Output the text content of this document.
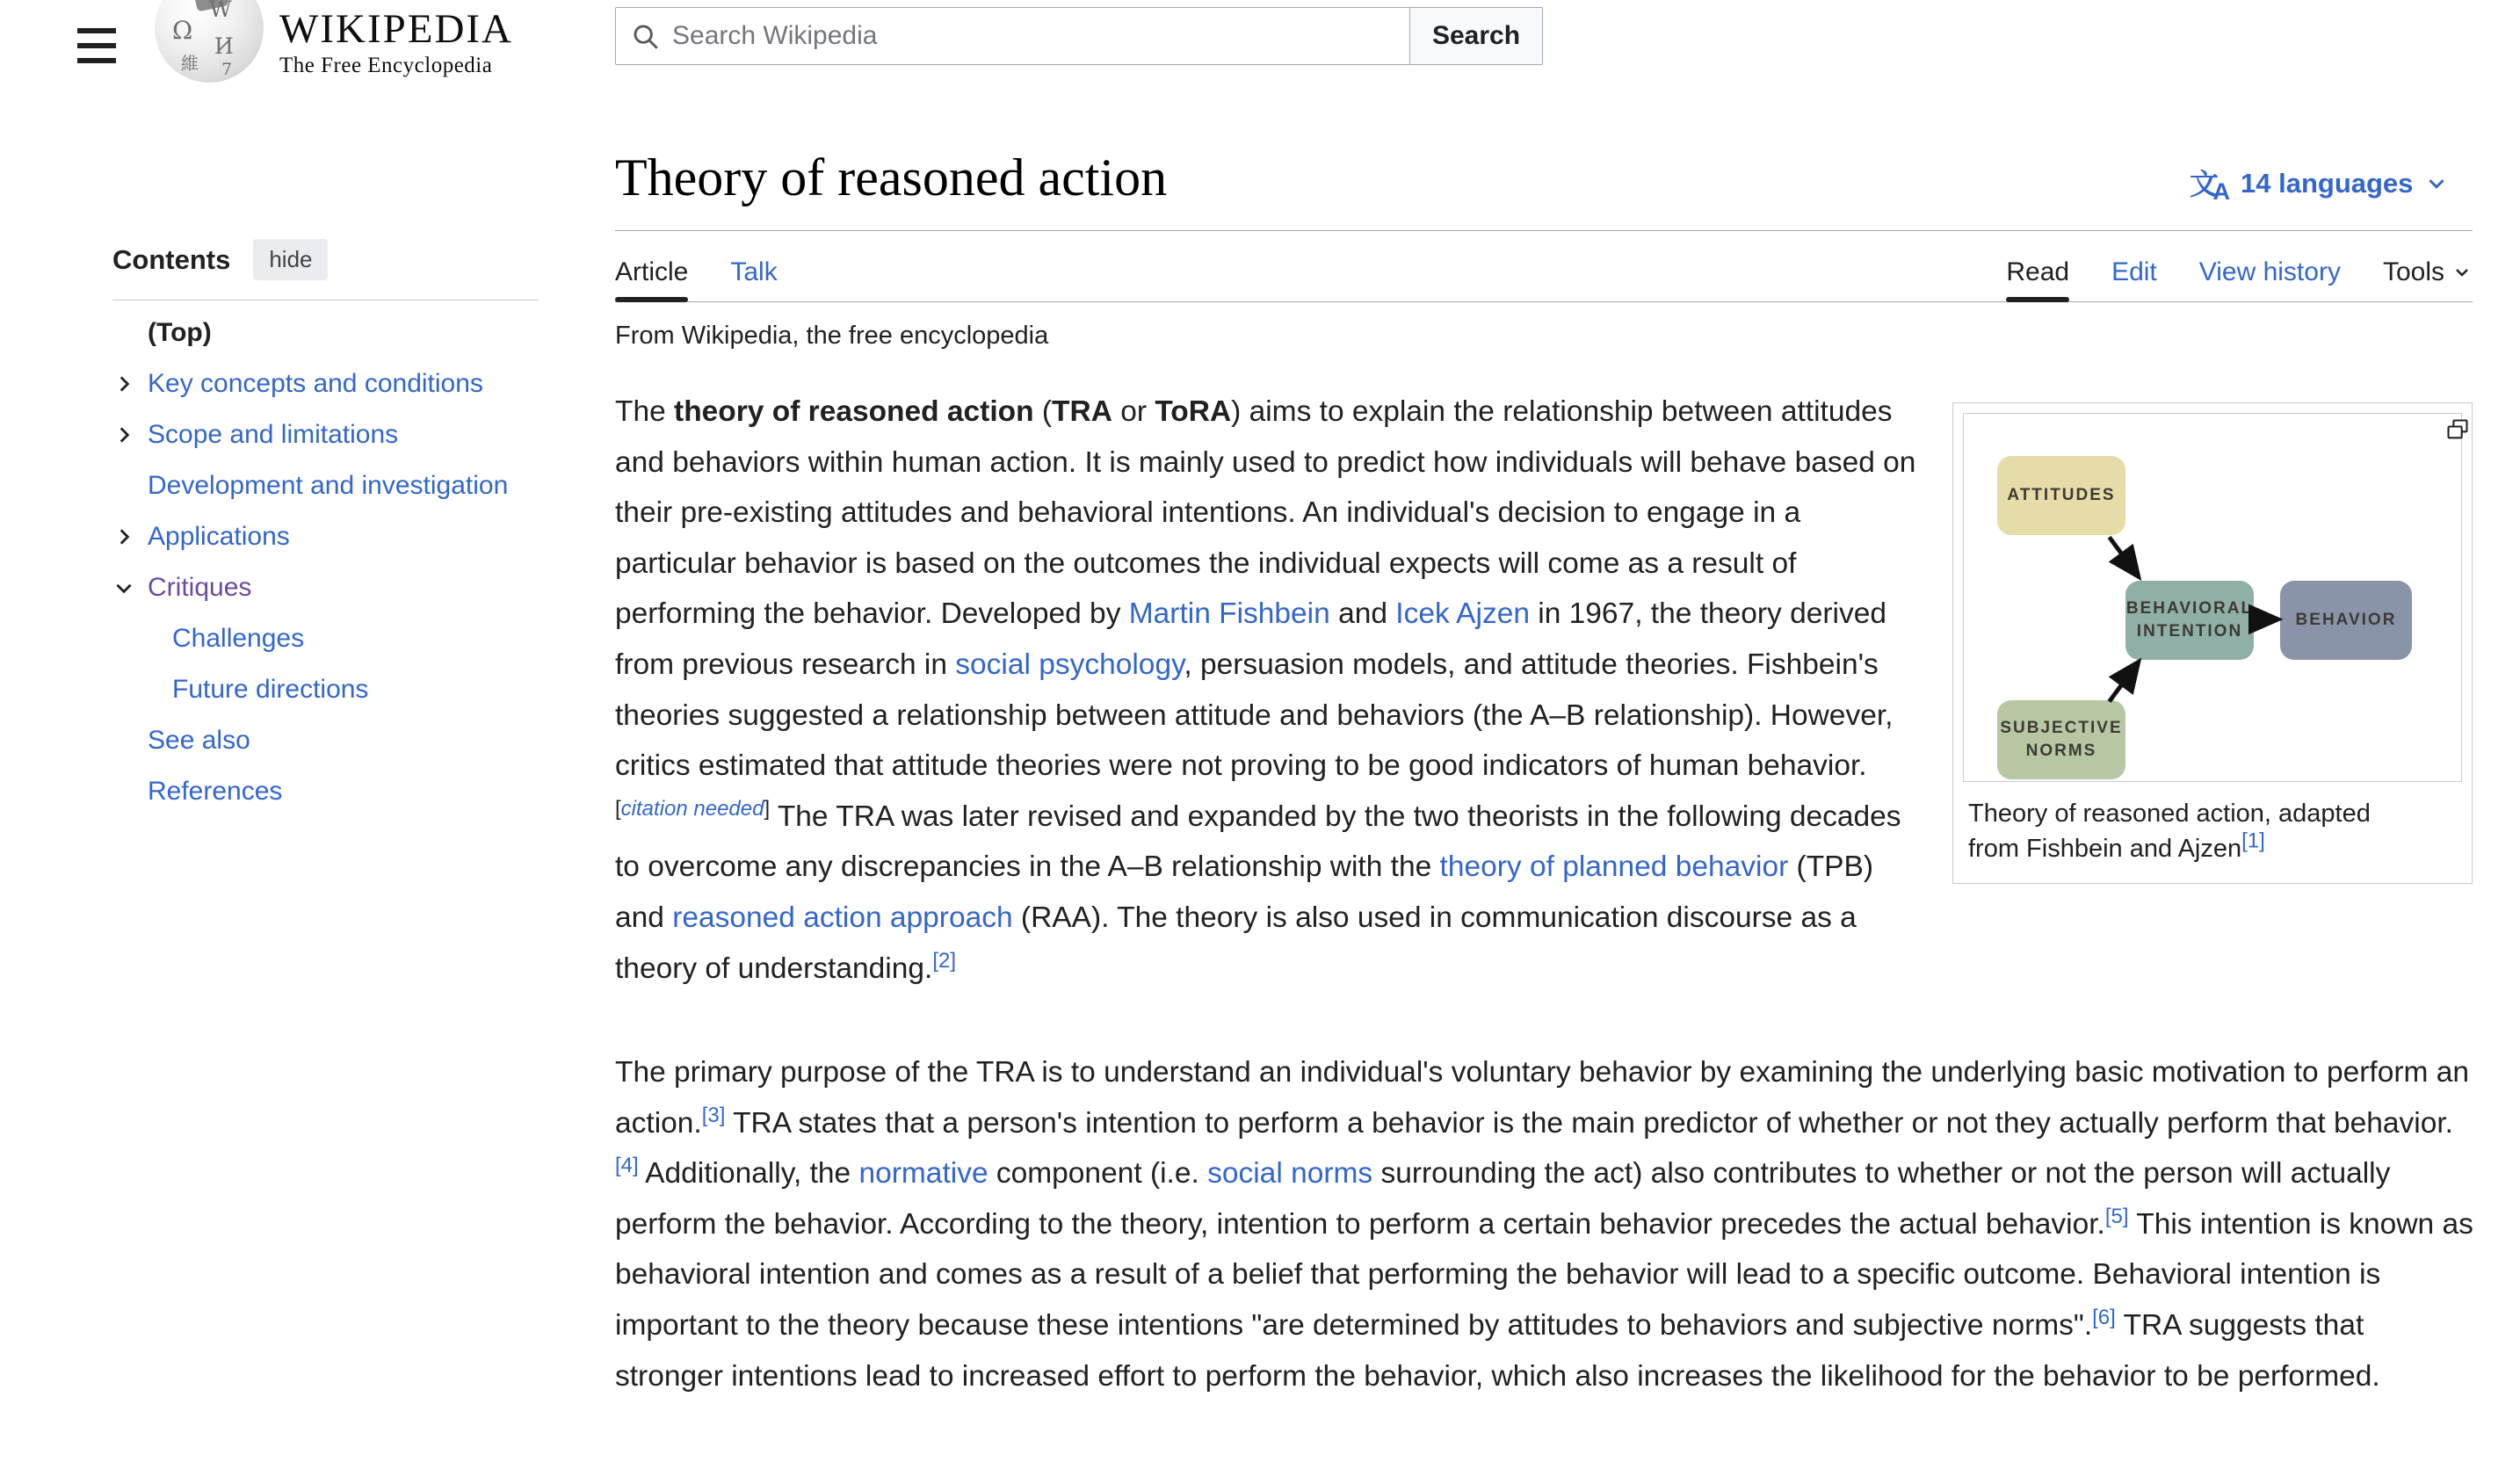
Ω
W
И
維 7
WIKIPEDIA
The Free Encyclopedia
Search Wikipedia
Search
Contents	hide
(Top)
Key concepts and conditions
Scope and limitations
Development and investigation
Applications
Critiques
Challenges
Future directions
See also
References
文
A 14 languages
Theory of reasoned action
Article Talk	Read Edit View history Tools
From Wikipedia, the free encyclopedia

The theory of reasoned action (TRA or ToRA) aims to explain the relationship between attitudes and behaviors within human action. It is mainly used to predict how individuals will behave based on their pre-existing attitudes and behavioral intentions. An individual's decision to engage in a particular behavior is based on the outcomes the individual expects will come as a result of performing the behavior. Developed by Martin Fishbein and Icek Ajzen in 1967, the theory derived from previous research in social psychology, persuasion models, and attitude theories. Fishbein's theories suggested a relationship between attitude and behaviors (the A–B relationship). However, critics estimated that attitude theories were not proving to be good indicators of human behavior.[citation needed] The TRA was later revised and expanded by the two theorists in the following decades to overcome any discrepancies in the A–B relationship with the theory of planned behavior (TPB) and reasoned action approach (RAA). The theory is also used in communication discourse as a theory of understanding.[2]

The primary purpose of the TRA is to understand an individual's voluntary behavior by examining the underlying basic motivation to perform an action.[3] TRA states that a person's intention to perform a behavior is the main predictor of whether or not they actually perform that behavior.[4] Additionally, the normative component (i.e. social norms surrounding the act) also contributes to whether or not the person will actually perform the behavior. According to the theory, intention to perform a certain behavior precedes the actual behavior.[5] This intention is known as behavioral intention and comes as a result of a belief that performing the behavior will lead to a specific outcome. Behavioral intention is important to the theory because these intentions "are determined by attitudes to behaviors and subjective norms".[6] TRA suggests that stronger intentions lead to increased effort to perform the behavior, which also increases the likelihood for the behavior to be performed.

ATTITUDES
BEHAVIORAL
INTENTION
BEHAVIOR
SUBJECTIVE
NORMS
Theory of reasoned action, adapted from Fishbein and Ajzen[1]
